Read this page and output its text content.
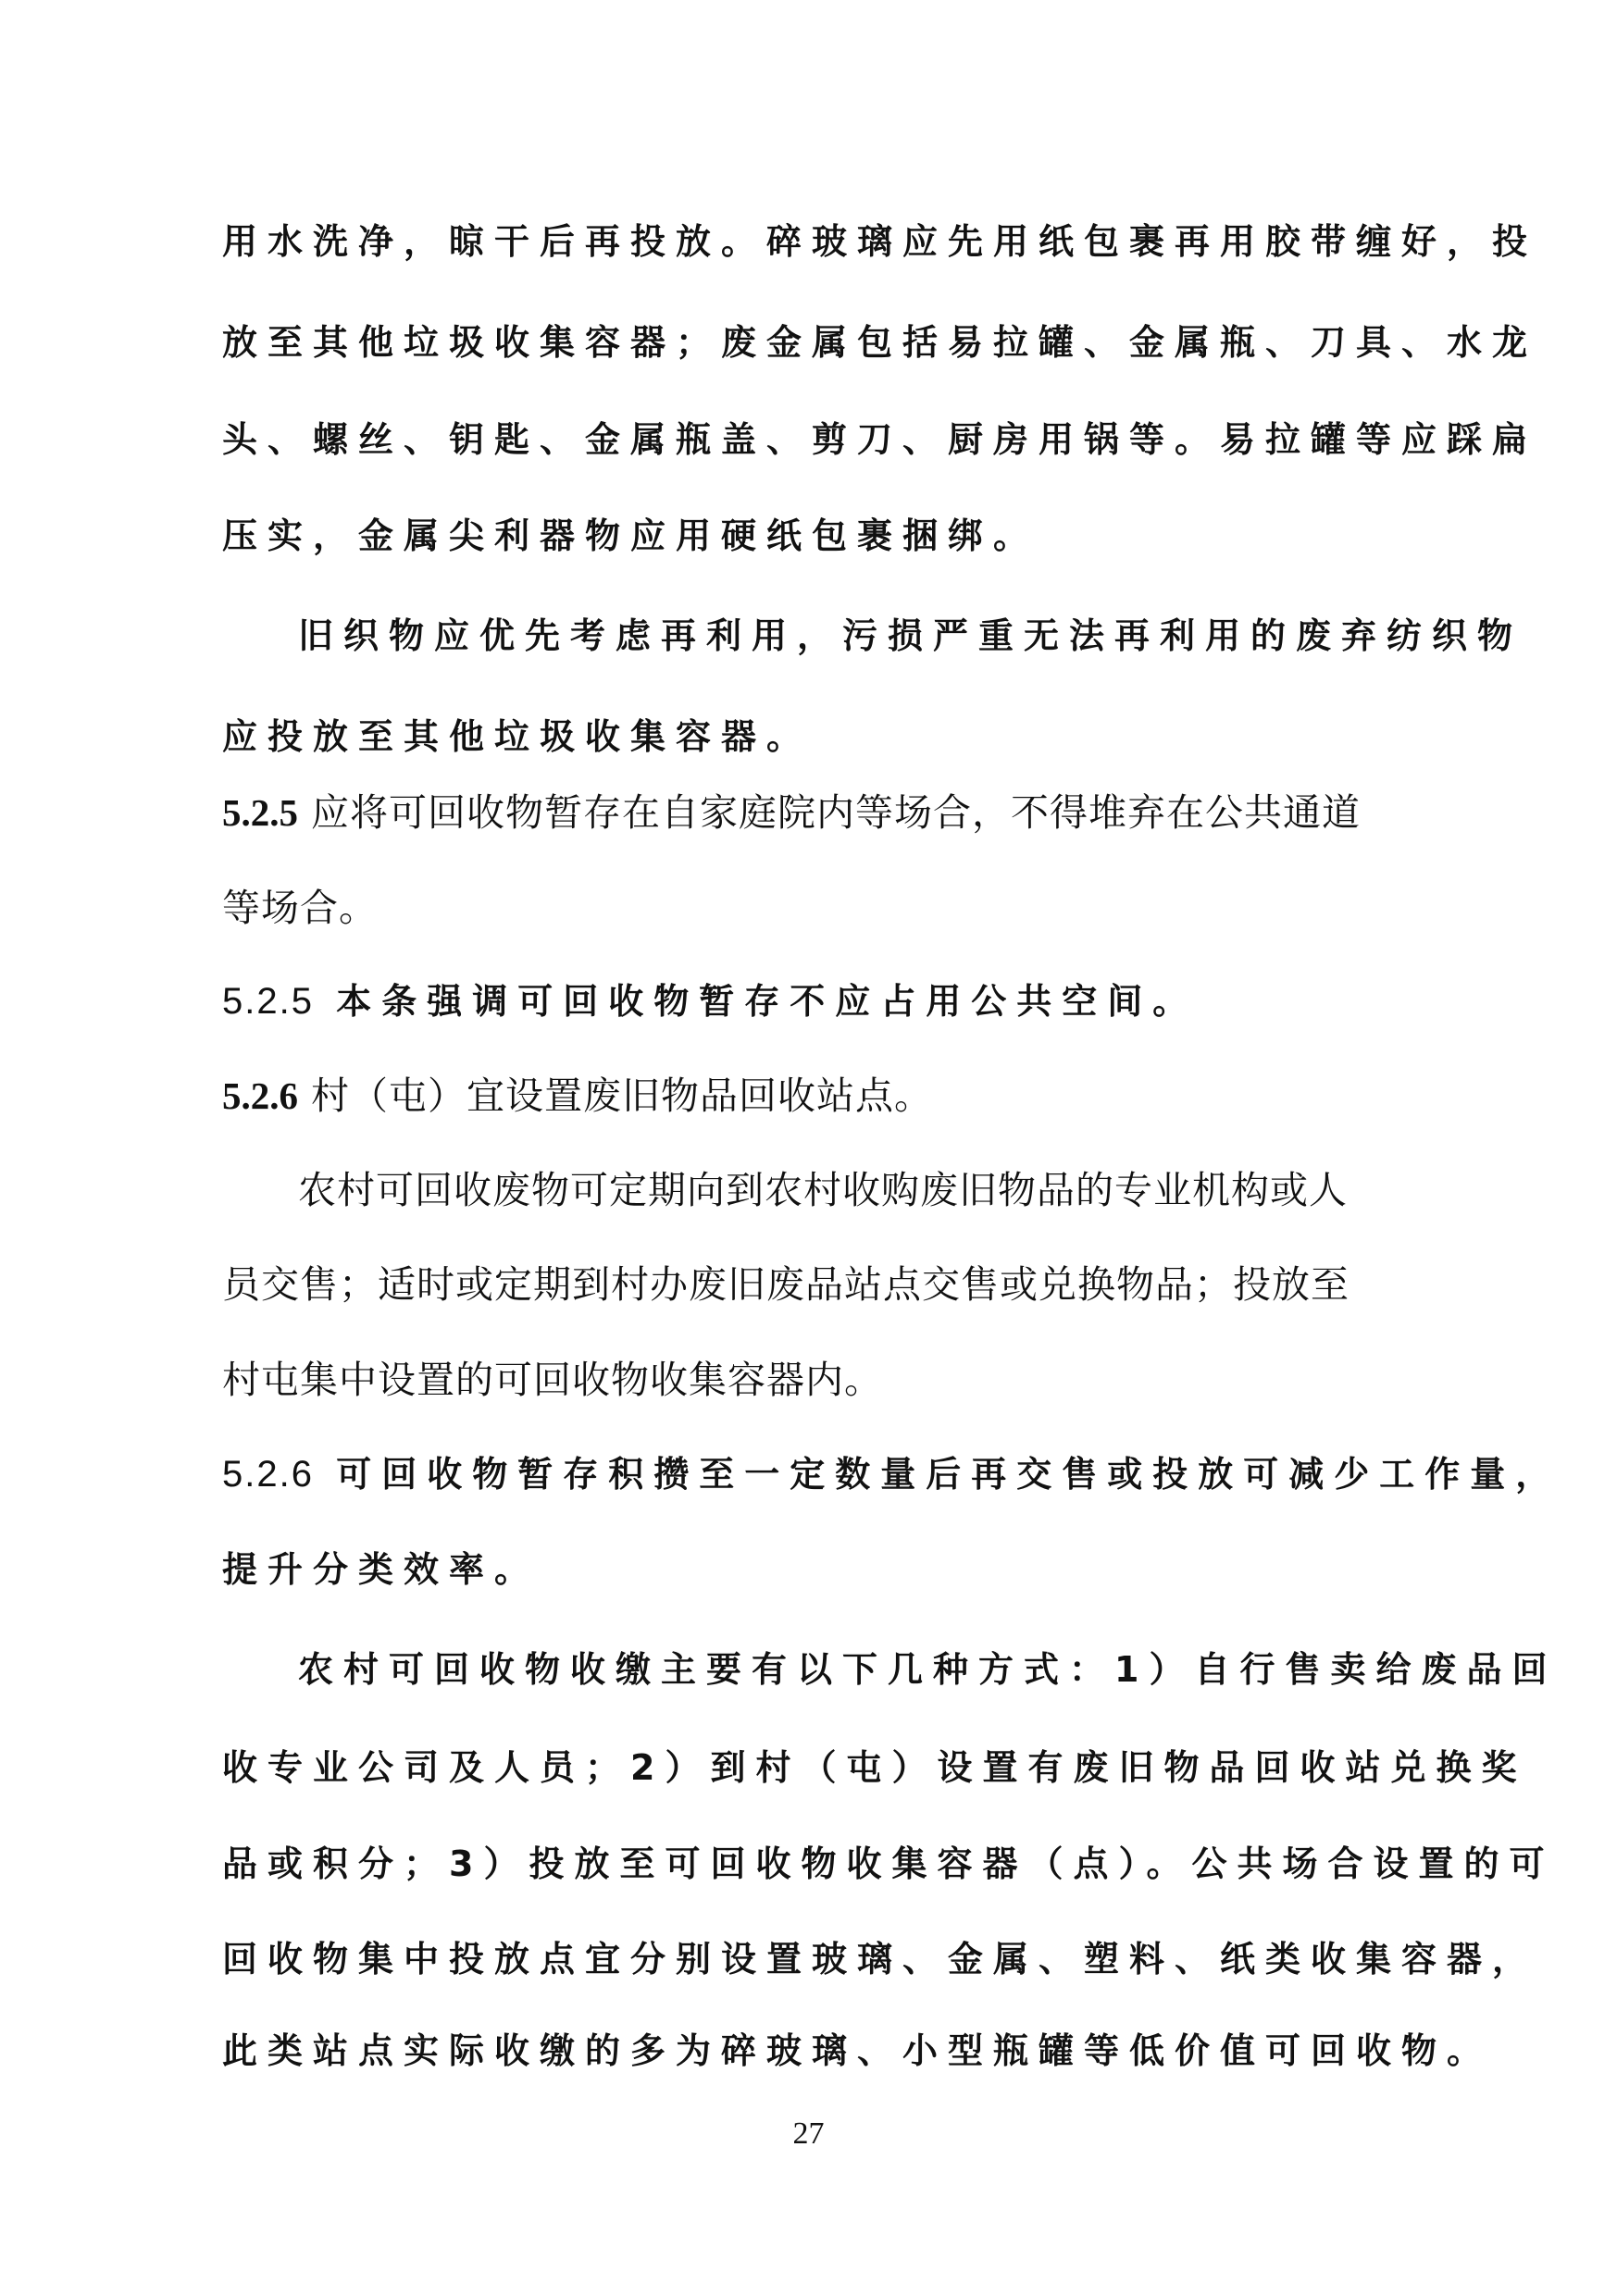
用水洗净，晾干后再投放。碎玻璃应先用纸包裹再用胶带缠好，投
放至其他垃圾收集容器；废金属包括易拉罐、金属瓶、刀具、水龙
头、螺丝、钥匙、金属瓶盖、剪刀、厨房用锅等。易拉罐等应踩扁
压实，金属尖利器物应用硬纸包裹捆绑。
旧织物应优先考虑再利用，污损严重无法再利用的废弃纺织物
应投放至其他垃圾收集容器。
5.2.5 应将可回收物暂存在自家庭院内等场合，不得堆弃在公共通道
等场合。
5.2.5 本条强调可回收物暂存不应占用公共空间。
5.2.6 村（屯）宜设置废旧物品回收站点。
农村可回收废物可定期向到农村收购废旧物品的专业机构或人
员交售；适时或定期到村办废旧废品站点交售或兑换物品；投放至
村屯集中设置的可回收物收集容器内。
5.2.6 可回收物暂存积攒至一定数量后再交售或投放可减少工作量，
提升分类效率。
农村可回收物收缴主要有以下几种方式：1）自行售卖给废品回
收专业公司及人员；2）到村（屯）设置有废旧物品回收站兑换奖
品或积分；3）投放至可回收物收集容器（点）。公共场合设置的可
回收物集中投放点宜分别设置玻璃、金属、塑料、纸类收集容器，
此类站点实际收缴的多为碎玻璃、小型瓶罐等低价值可回收物。
27
